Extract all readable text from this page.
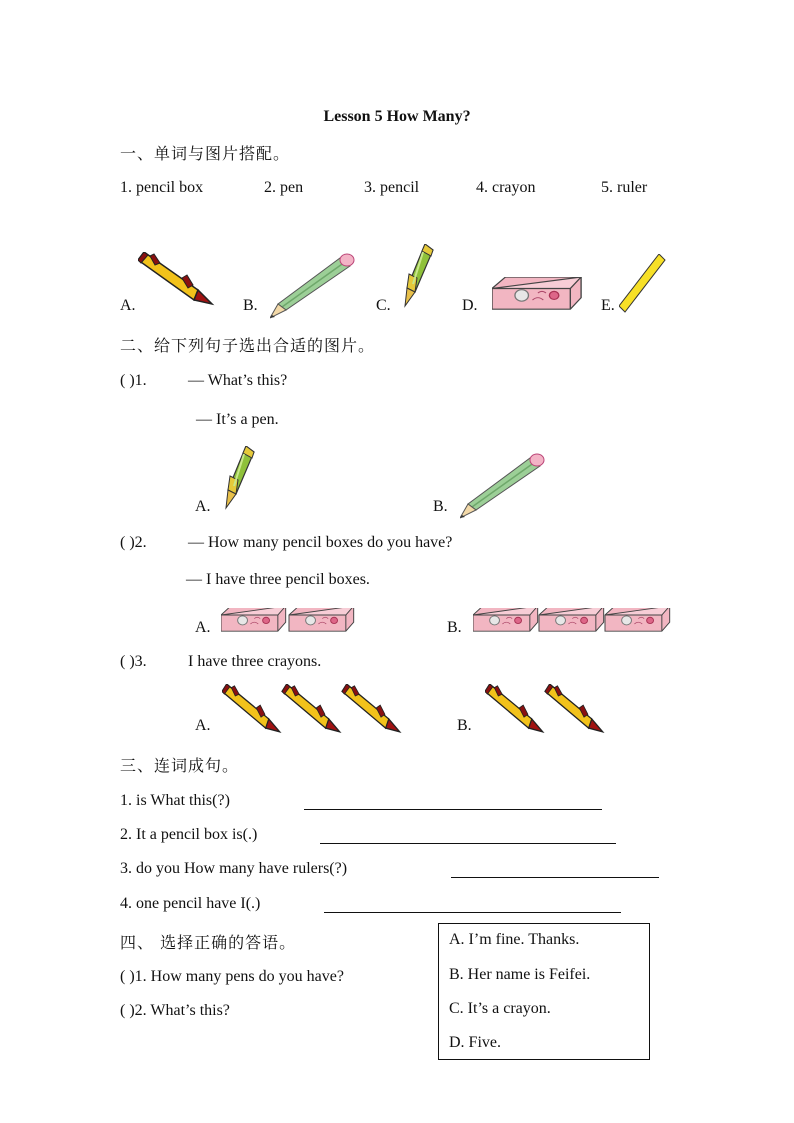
Lesson 5 How Many?
一、单词与图片搭配。
1. pencil box	2. pen	3. pencil	4. crayon	5. ruler
A.	B.	C.	D.	E.
二、给下列句子选出合适的图片。
( )1.	— What’s this?
— It’s a pen.
A.	B.
( )2.	— How many pencil boxes do you have?
— I have three pencil boxes.
A.	B.
( )3.	I have three crayons.
A.	B.
三、连词成句。
1. is What this(?)
2. It a pencil box is(.)
3. do you How many have rulers(?)
4. one pencil have I(.)
四、 选择正确的答语。
( )1. How many pens do you have?
( )2. What’s this?
A. I’m fine. Thanks.
B. Her name is Feifei.
C. It’s a crayon.
D. Five.
